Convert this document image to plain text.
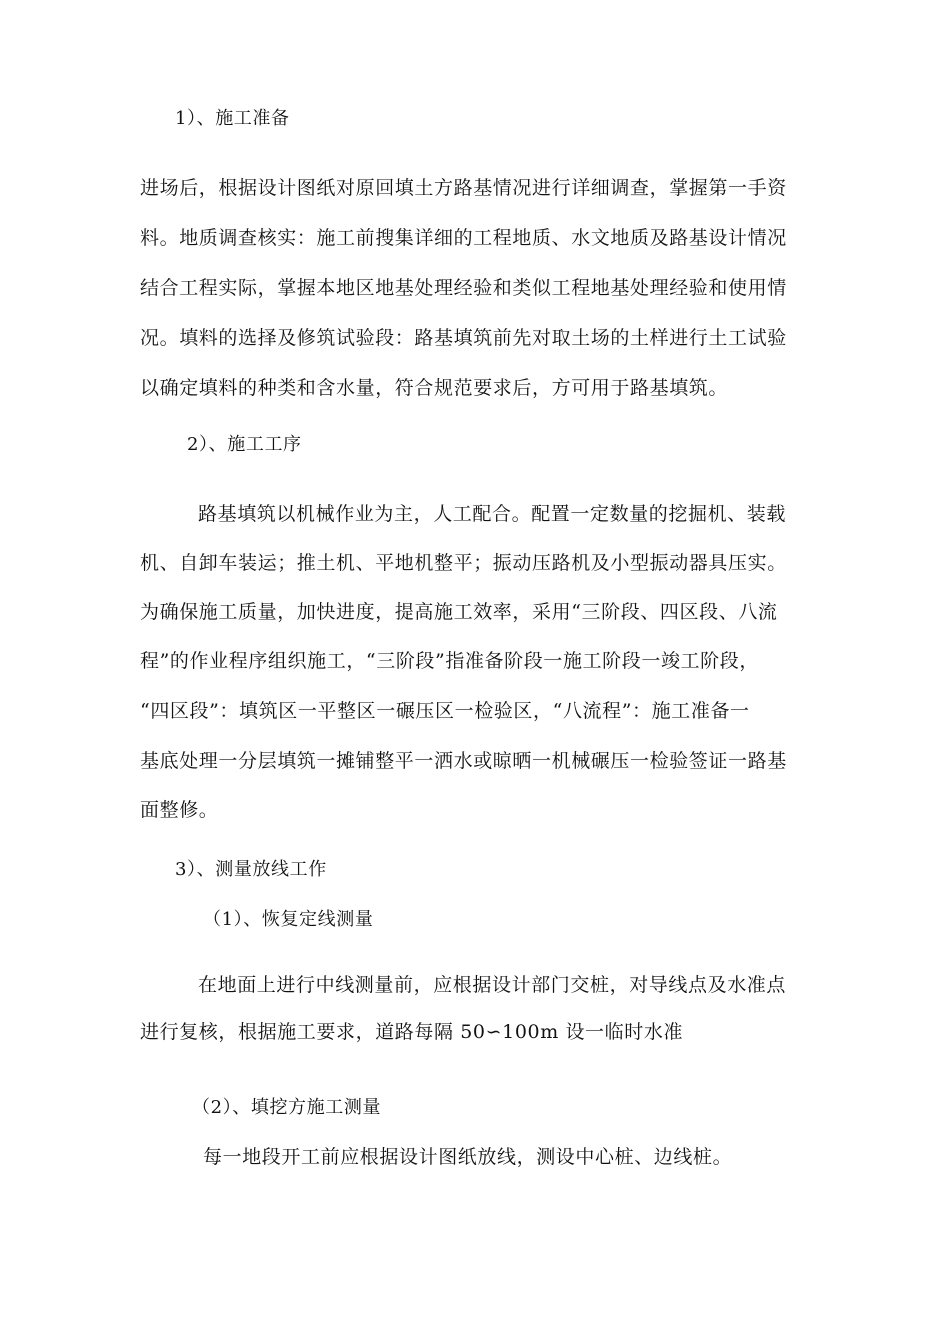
1）、施工准备
进场后，根据设计图纸对原回填土方路基情况进行详细调查，掌握第一手资
料。地质调查核实：施工前搜集详细的工程地质、水文地质及路基设计情况
结合工程实际，掌握本地区地基处理经验和类似工程地基处理经验和使用情
况。填料的选择及修筑试验段：路基填筑前先对取土场的土样进行土工试验
以确定填料的种类和含水量，符合规范要求后，方可用于路基填筑。
2）、施工工序
路基填筑以机械作业为主，人工配合。配置一定数量的挖掘机、装载
机、自卸车装运；推土机、平地机整平；振动压路机及小型振动器具压实。
为确保施工质量，加快进度，提高施工效率，采用“三阶段、四区段、八流
程”的作业程序组织施工，“三阶段”指准备阶段一施工阶段一竣工阶段，
“四区段”：填筑区一平整区一碾压区一检验区，“八流程”：施工准备一
基底处理一分层填筑一摊铺整平一洒水或晾晒一机械碾压一检验签证一路基
面整修。
3）、测量放线工作
（1）、恢复定线测量
在地面上进行中线测量前，应根据设计部门交桩，对导线点及水准点
进行复核，根据施工要求，道路每隔 50∽100m 设一临时水准
（2）、填挖方施工测量
每一地段开工前应根据设计图纸放线，测设中心桩、边线桩。
